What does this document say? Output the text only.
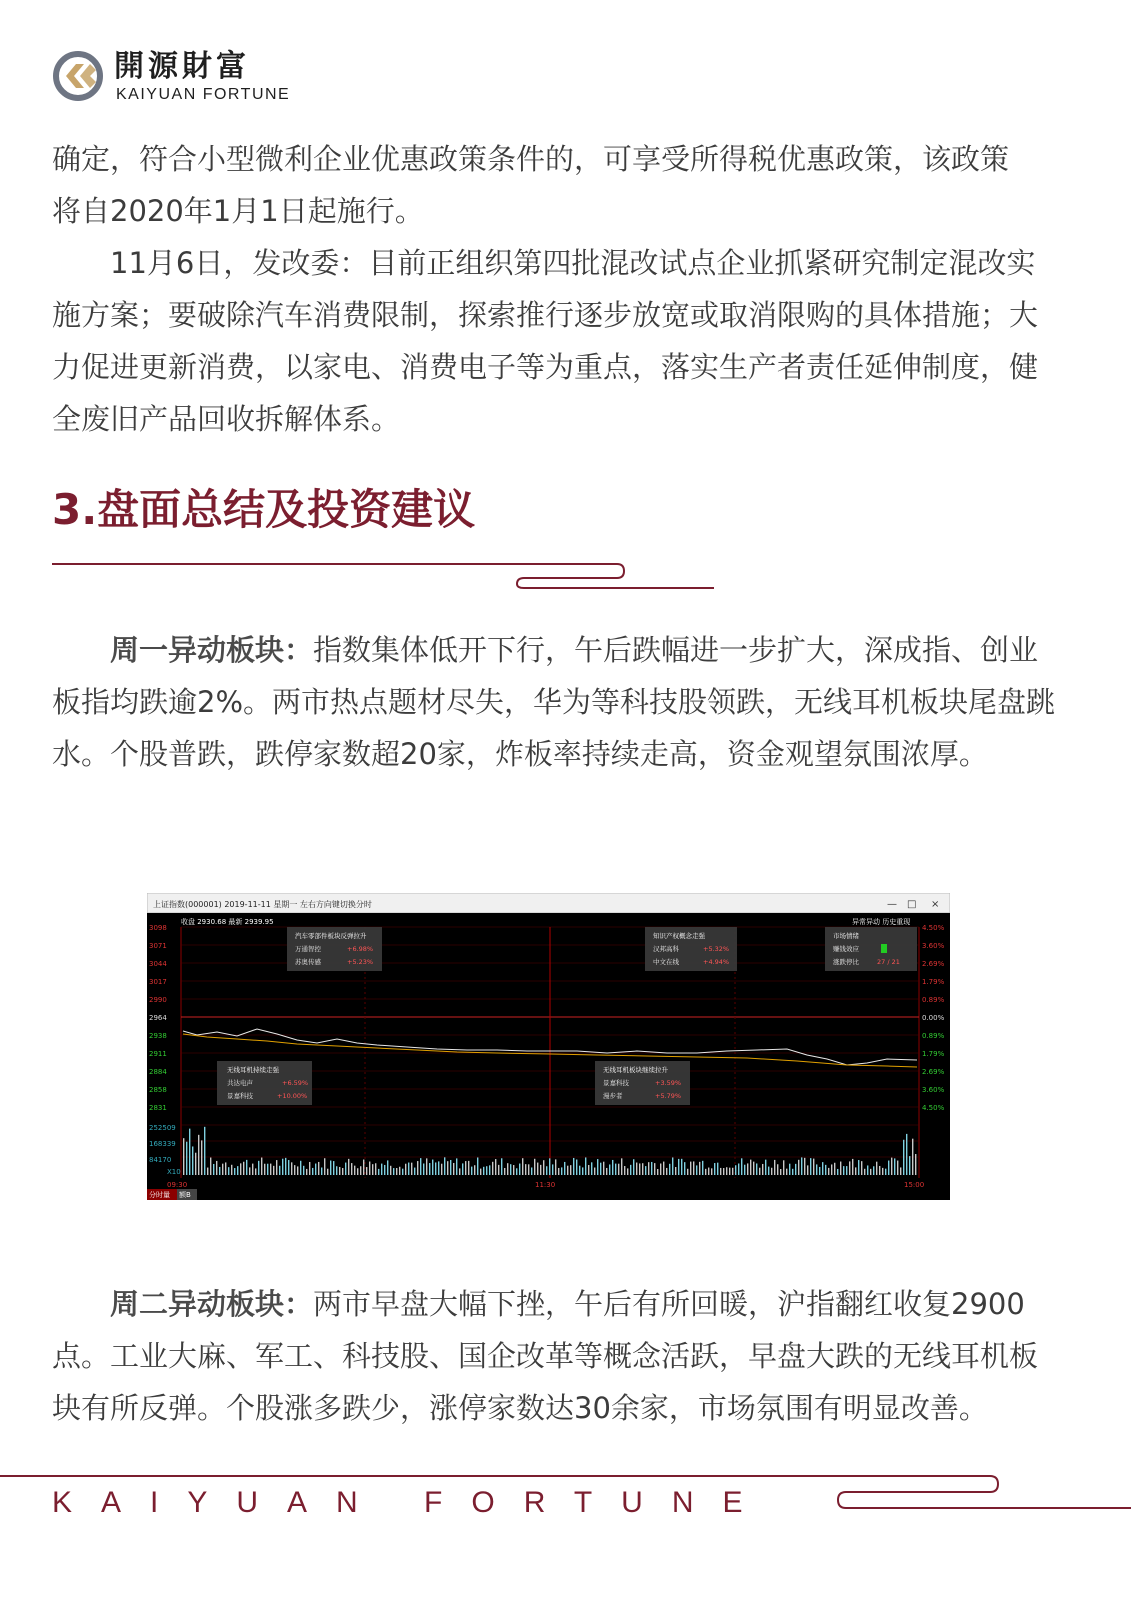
開源財富
KAIYUAN FORTUNE

确定，符合小型微利企业优惠政策条件的，可享受所得税优惠政策，该政策

将自2020年1月1日起施行。

11月6日，发改委：目前正组织第四批混改试点企业抓紧研究制定混改实施方案；要破除汽车消费限制，探索推行逐步放宽或取消限购的具体措施；大力促进更新消费，以家电、消费电子等为重点，落实生产者责任延伸制度，健全废旧产品回收拆解体系。

3.盘面总结及投资建议

周一异动板块：指数集体低开下行，午后跌幅进一步扩大，深成指、创业板指均跌逾2%。两市热点题材尽失，华为等科技股领跌，无线耳机板块尾盘跳水。个股普跌，跌停家数超20家，炸板率持续走高，资金观望氛围浓厚。

上证指数(000001) 2019-11-11 星期一 左右方向键切换分时	— □ ×
收盘 2930.68 最新 2939.95	异常异动 历史重现
3098
3071
3044
3017
2990
2964
2938
2911
2884
2858
2831
4.50%
3.60%
2.69%
1.79%
0.89%
0.00%
0.89%
1.79%
2.69%
3.60%
4.50%
252509
168339
84170
X10
09:30	11:30	15:00
分时量 额B
无线耳机持续走强
共达电声	+6.59%
景嘉科技	+10.00%
汽车零部件板块反弹拉升
万通智控	+6.98%
苏奥传感	+5.23%
知识产权概念走强
汉邦高科	+5.32%
中文在线	+4.94%
无线耳机板块继续拉升
景嘉科技	+3.59%
漫步者	+5.79%
市场情绪
赚钱效应
涨跌停比	27 / 21

周二异动板块：两市早盘大幅下挫，午后有所回暖，沪指翻红收复2900点。工业大麻、军工、科技股、国企改革等概念活跃，早盘大跌的无线耳机板块有所反弹。个股涨多跌少，涨停家数达30余家，市场氛围有明显改善。

KAIYUAN FORTUNE
